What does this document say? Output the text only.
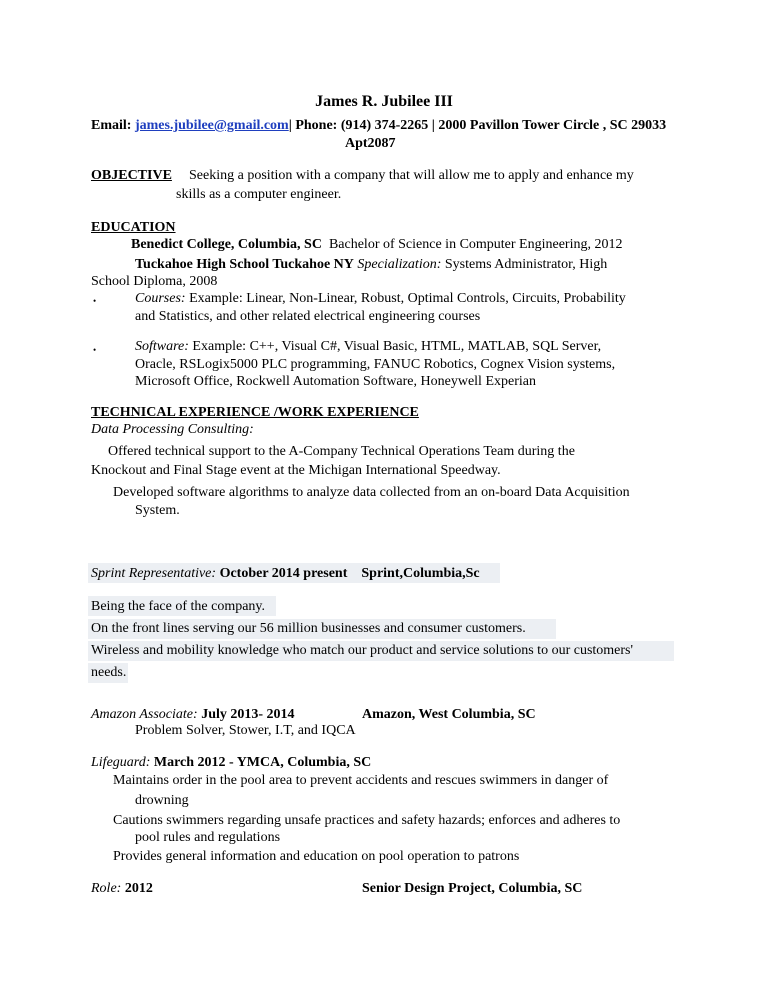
James R. Jubilee III
Email: james.jubilee@gmail.com| Phone: (914) 374-2265 | 2000 Pavillon Tower Circle , SC 29033
Apt2087
OBJECTIVE Seeking a position with a company that will allow me to apply and enhance my
skills as a computer engineer.
EDUCATION
Benedict College, Columbia, SC Bachelor of Science in Computer Engineering, 2012
Tuckahoe High School Tuckahoe NY Specialization: Systems Administrator, High
School Diploma, 2008
•	Courses: Example: Linear, Non-Linear, Robust, Optimal Controls, Circuits, Probability
and Statistics, and other related electrical engineering courses
•	Software: Example: C++, Visual C#, Visual Basic, HTML, MATLAB, SQL Server,
Oracle, RSLogix5000 PLC programming, FANUC Robotics, Cognex Vision systems,
Microsoft Office, Rockwell Automation Software, Honeywell Experian
TECHNICAL EXPERIENCE /WORK EXPERIENCE
Data Processing Consulting:
Offered technical support to the A-Company Technical Operations Team during the
Knockout and Final Stage event at the Michigan International Speedway.
Developed software algorithms to analyze data collected from an on-board Data Acquisition
System.
Sprint Representative: October 2014 present Sprint,Columbia,Sc
Being the face of the company.
On the front lines serving our 56 million businesses and consumer customers.
Wireless and mobility knowledge who match our product and service solutions to our customers'
needs.
Amazon Associate: July 2013- 2014	Amazon, West Columbia, SC
Problem Solver, Stower, I.T, and IQCA
Lifeguard: March 2012 - YMCA, Columbia, SC
Maintains order in the pool area to prevent accidents and rescues swimmers in danger of
drowning
Cautions swimmers regarding unsafe practices and safety hazards; enforces and adheres to
pool rules and regulations
Provides general information and education on pool operation to patrons
Role: 2012	Senior Design Project, Columbia, SC
